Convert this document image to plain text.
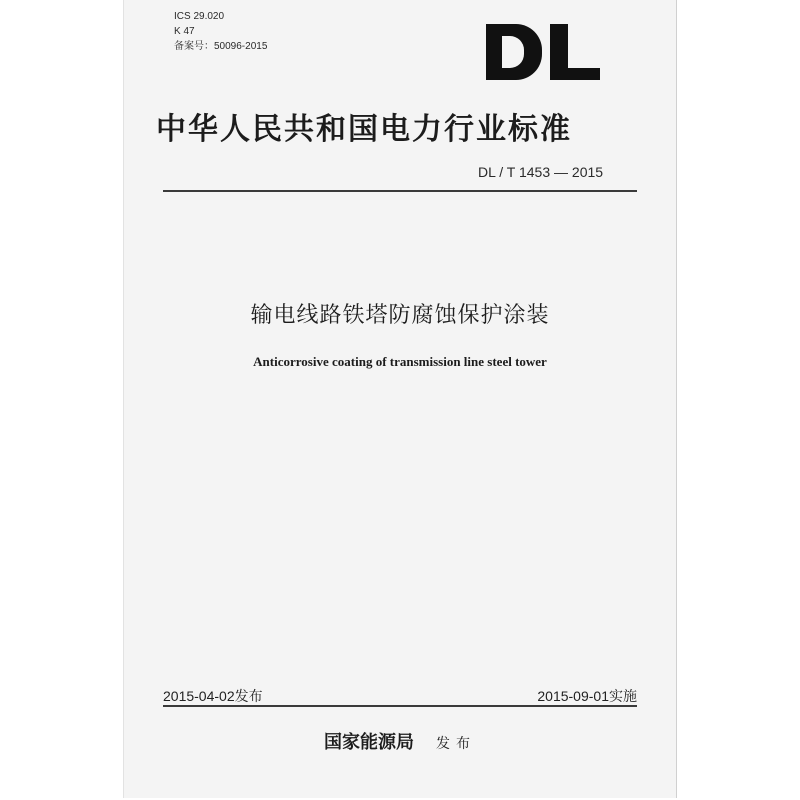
ICS 29.020
K 47
备案号：50096-2015
中华人民共和国电力行业标准
DL / T 1453 — 2015
输电线路铁塔防腐蚀保护涂装
Anticorrosive coating of transmission line steel tower
2015-04-02发布	2015-09-01实施
国家能源局 发布
